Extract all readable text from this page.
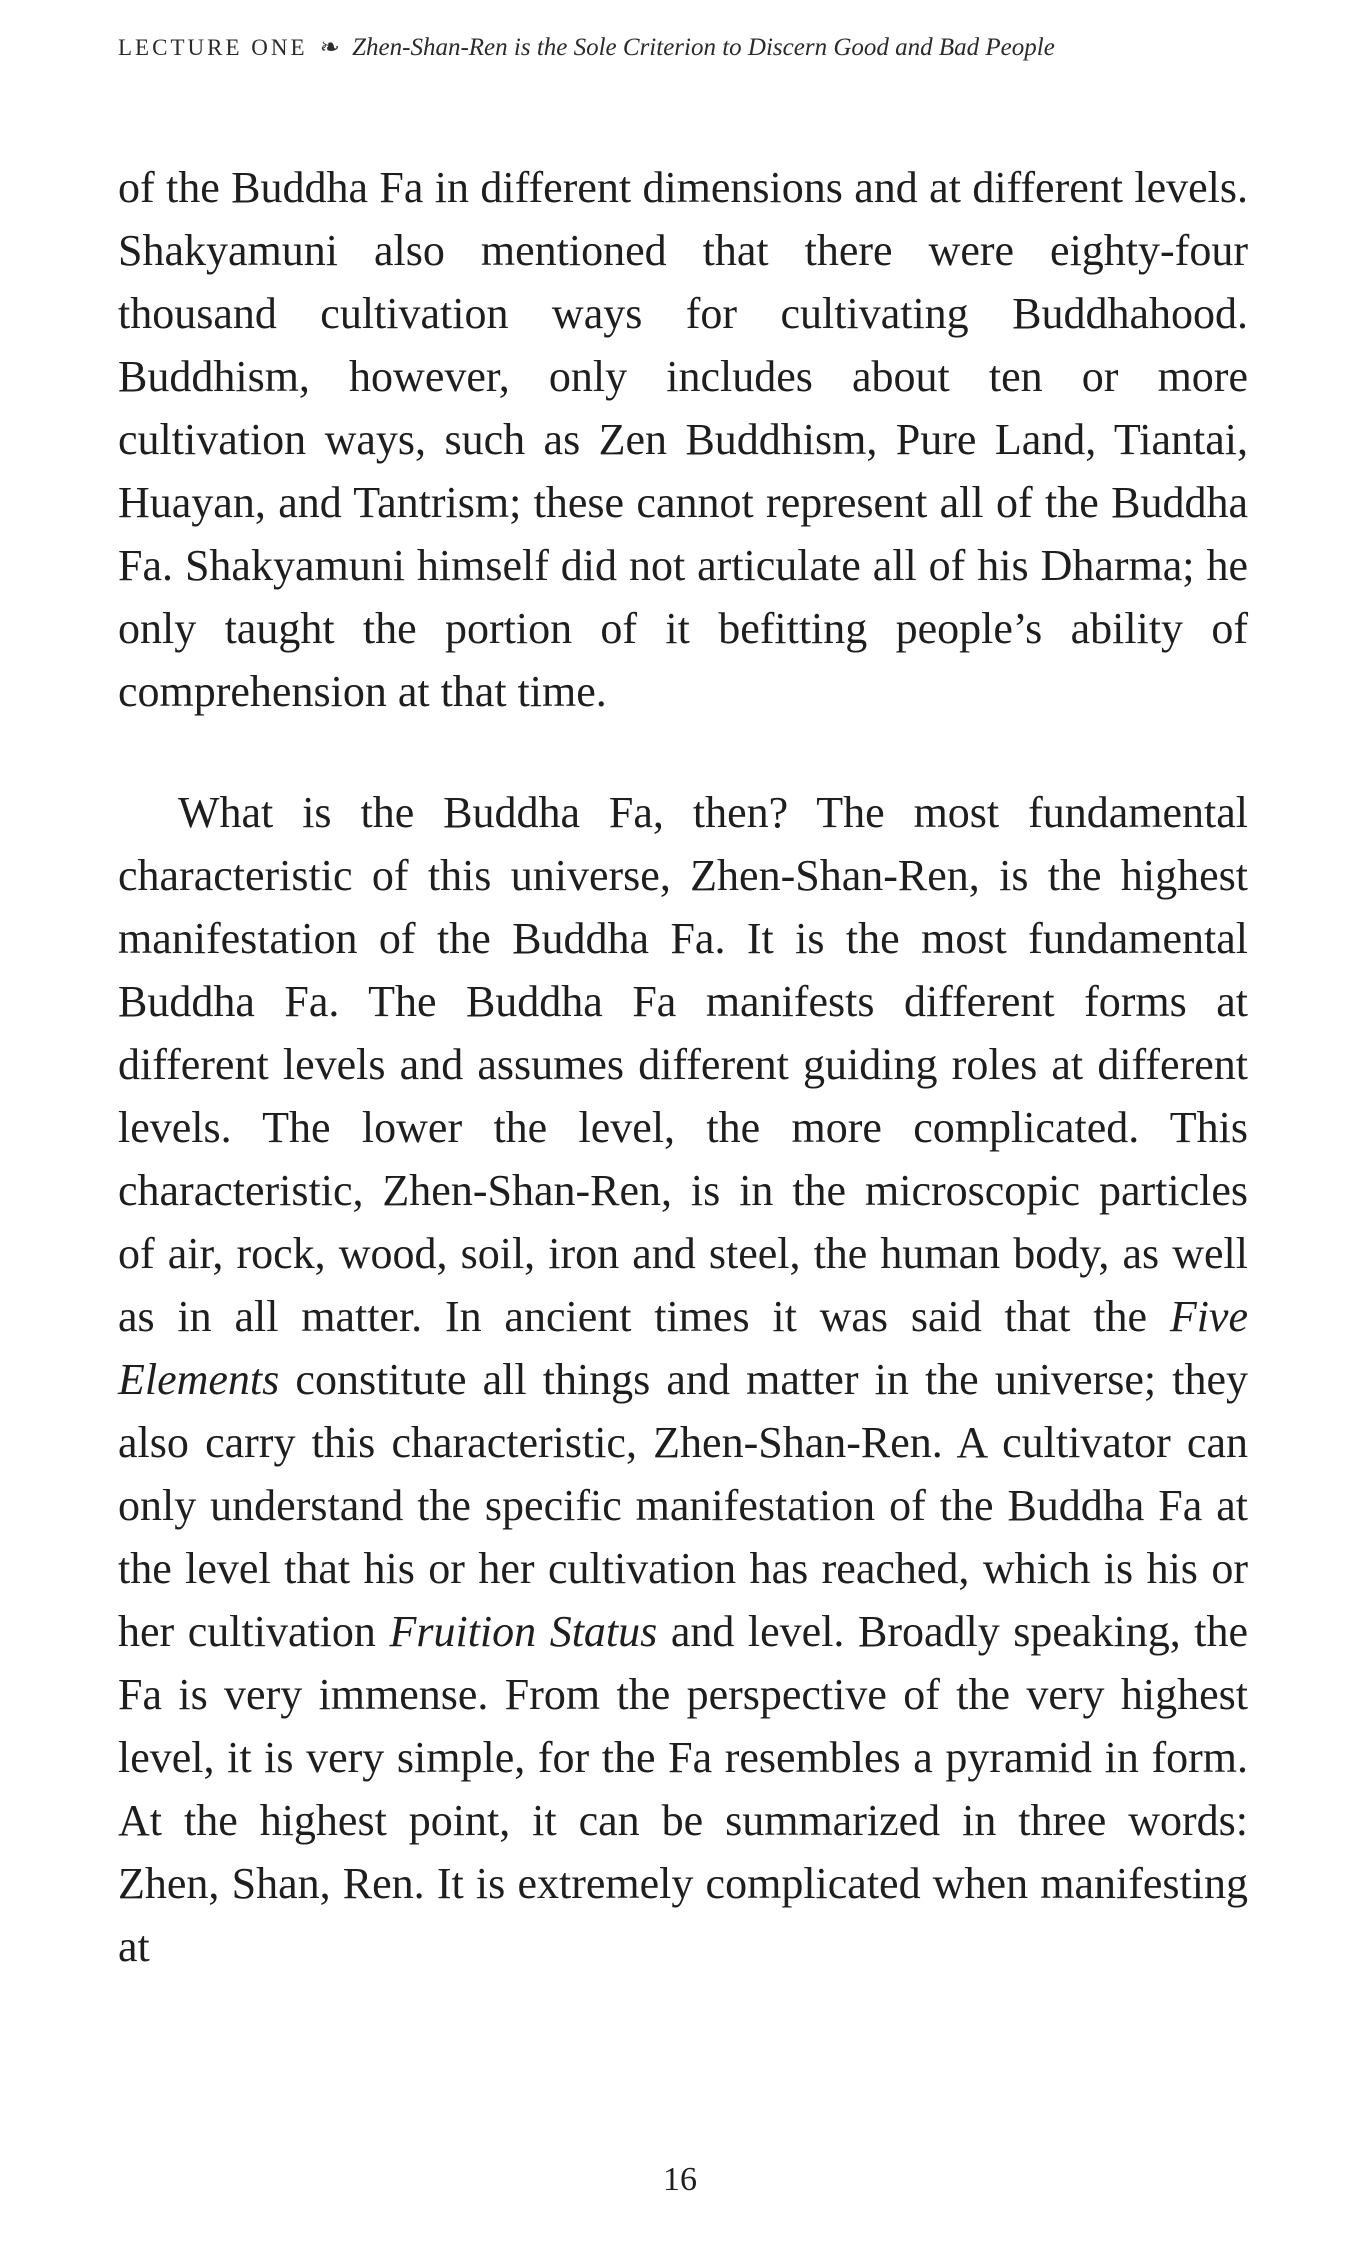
LECTURE ONE ❧ Zhen-Shan-Ren is the Sole Criterion to Discern Good and Bad People

of the Buddha Fa in different dimensions and at different levels. Shakyamuni also mentioned that there were eighty-four thousand cultivation ways for cultivating Buddhahood. Buddhism, however, only includes about ten or more cultivation ways, such as Zen Buddhism, Pure Land, Tiantai, Huayan, and Tantrism; these cannot represent all of the Buddha Fa. Shakyamuni himself did not articulate all of his Dharma; he only taught the portion of it befitting people’s ability of comprehension at that time.

What is the Buddha Fa, then? The most fundamental characteristic of this universe, Zhen-Shan-Ren, is the highest manifestation of the Buddha Fa. It is the most fundamental Buddha Fa. The Buddha Fa manifests different forms at different levels and assumes different guiding roles at different levels. The lower the level, the more complicated. This characteristic, Zhen-Shan-Ren, is in the microscopic particles of air, rock, wood, soil, iron and steel, the human body, as well as in all matter. In ancient times it was said that the Five Elements constitute all things and matter in the universe; they also carry this characteristic, Zhen-Shan-Ren. A cultivator can only understand the specific manifestation of the Buddha Fa at the level that his or her cultivation has reached, which is his or her cultivation Fruition Status and level. Broadly speaking, the Fa is very immense. From the perspective of the very highest level, it is very simple, for the Fa resembles a pyramid in form. At the highest point, it can be summarized in three words: Zhen, Shan, Ren. It is extremely complicated when manifesting at

16
